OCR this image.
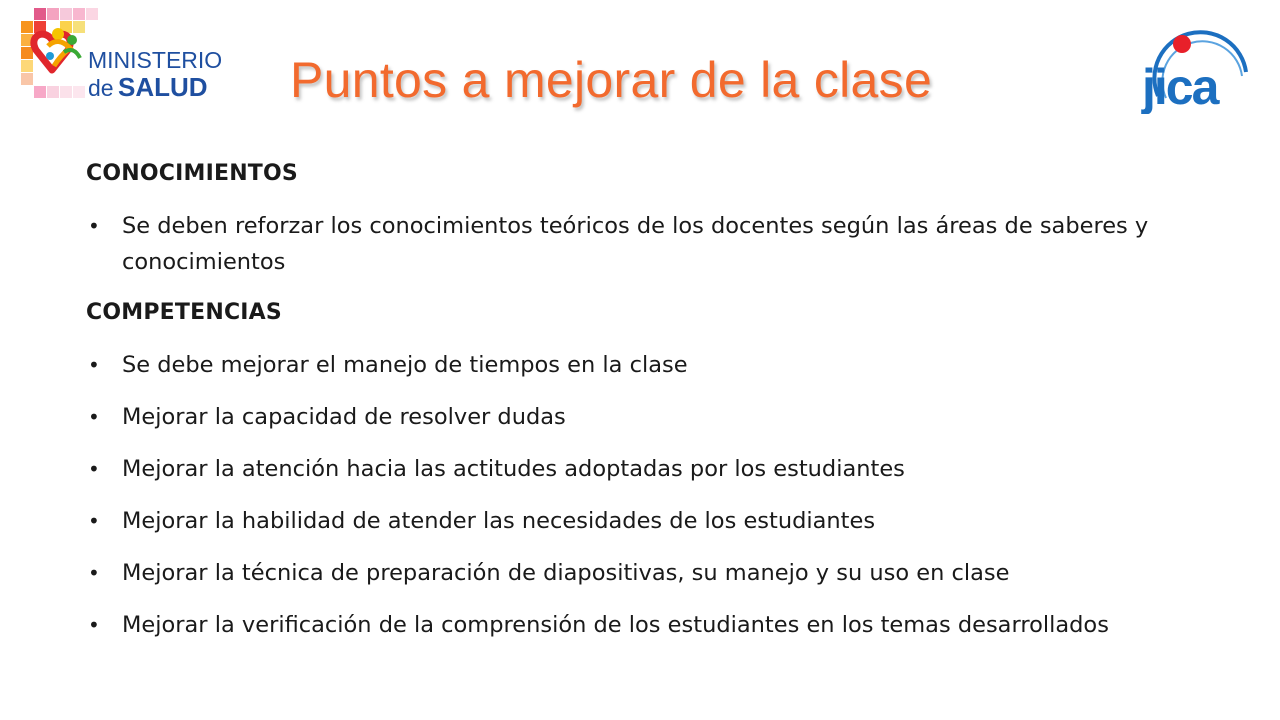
MINISTERIO
de SALUD Puntos a mejorar de la clase	jica
CONOCIMIENTOS
• Se deben reforzar los conocimientos teóricos de los docentes según las áreas de saberes y conocimientos
COMPETENCIAS
• Se debe mejorar el manejo de tiempos en la clase
• Mejorar la capacidad de resolver dudas
• Mejorar la atención hacia las actitudes adoptadas por los estudiantes
• Mejorar la habilidad de atender las necesidades de los estudiantes
• Mejorar la técnica de preparación de diapositivas, su manejo y su uso en clase
• Mejorar la verificación de la comprensión de los estudiantes en los temas desarrollados
